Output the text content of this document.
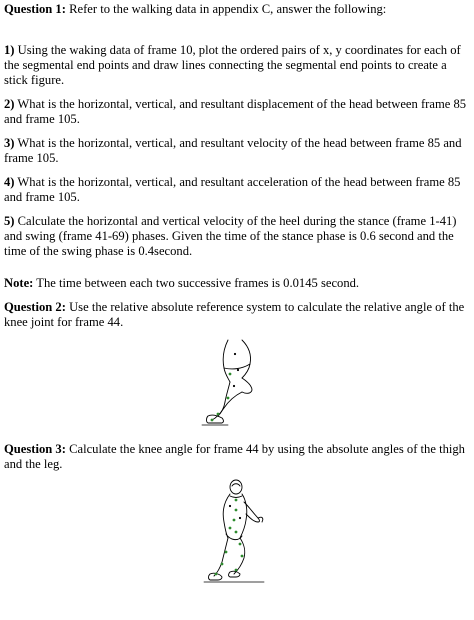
Question 1: Refer to the walking data in appendix C, answer the following:
1) Using the waking data of frame 10, plot the ordered pairs of x, y coordinates for each of the segmental end points and draw lines connecting the segmental end points to create a stick figure.
2) What is the horizontal, vertical, and resultant displacement of the head between frame 85 and frame 105.
3) What is the horizontal, vertical, and resultant velocity of the head between frame 85 and frame 105.
4) What is the horizontal, vertical, and resultant acceleration of the head between frame 85 and frame 105.
5) Calculate the horizontal and vertical velocity of the heel during the stance (frame 1-41) and swing (frame 41-69) phases. Given the time of the stance phase is 0.6 second and the time of the swing phase is 0.4second.
Note: The time between each two successive frames is 0.0145 second.
Question 2: Use the relative absolute reference system to calculate the relative angle of the knee joint for frame 44.
Question 3: Calculate the knee angle for frame 44 by using the absolute angles of the thigh and the leg.
